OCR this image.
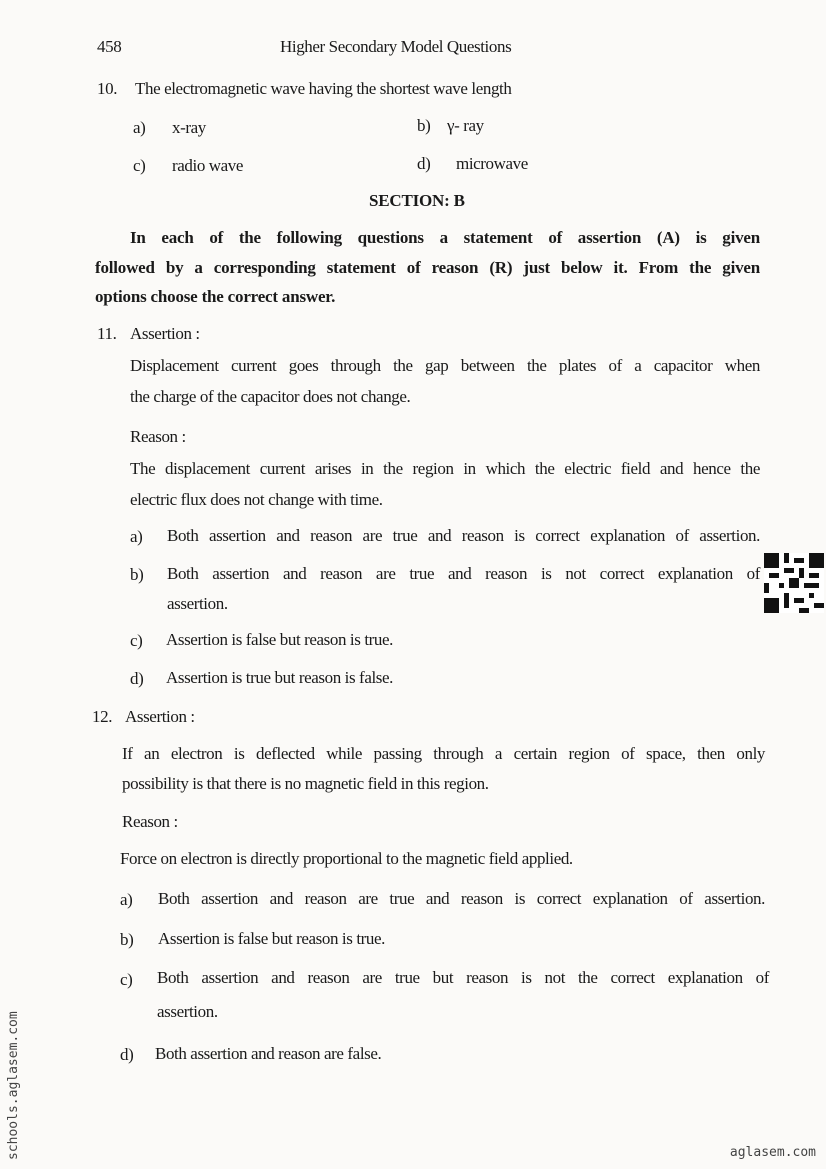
458	Higher Secondary Model Questions
10. The electromagnetic wave having the shortest wave length
a) x-ray	b) γ- ray
c) radio wave	d) microwave
SECTION: B
In each of the following questions a statement of assertion (A) is given
followed by a corresponding statement of reason (R) just below it. From the given
options choose the correct answer.
11. Assertion :
Displacement current goes through the gap between the plates of a capacitor when
the charge of the capacitor does not change.
Reason :
The displacement current arises in the region in which the electric field and hence the
electric flux does not change with time.
a) Both assertion and reason are true and reason is correct explanation of assertion.
b) Both assertion and reason are true and reason is not correct explanation of
assertion.
c) Assertion is false but reason is true.
d) Assertion is true but reason is false.
12. Assertion :
If an electron is deflected while passing through a certain region of space, then only
possibility is that there is no magnetic field in this region.
Reason :
Force on electron is directly proportional to the magnetic field applied.
a) Both assertion and reason are true and reason is correct explanation of assertion.
b) Assertion is false but reason is true.
c) Both assertion and reason are true but reason is not the correct explanation of
assertion.
d) Both assertion and reason are false.
schools.aglasem.com	aglasem.com
